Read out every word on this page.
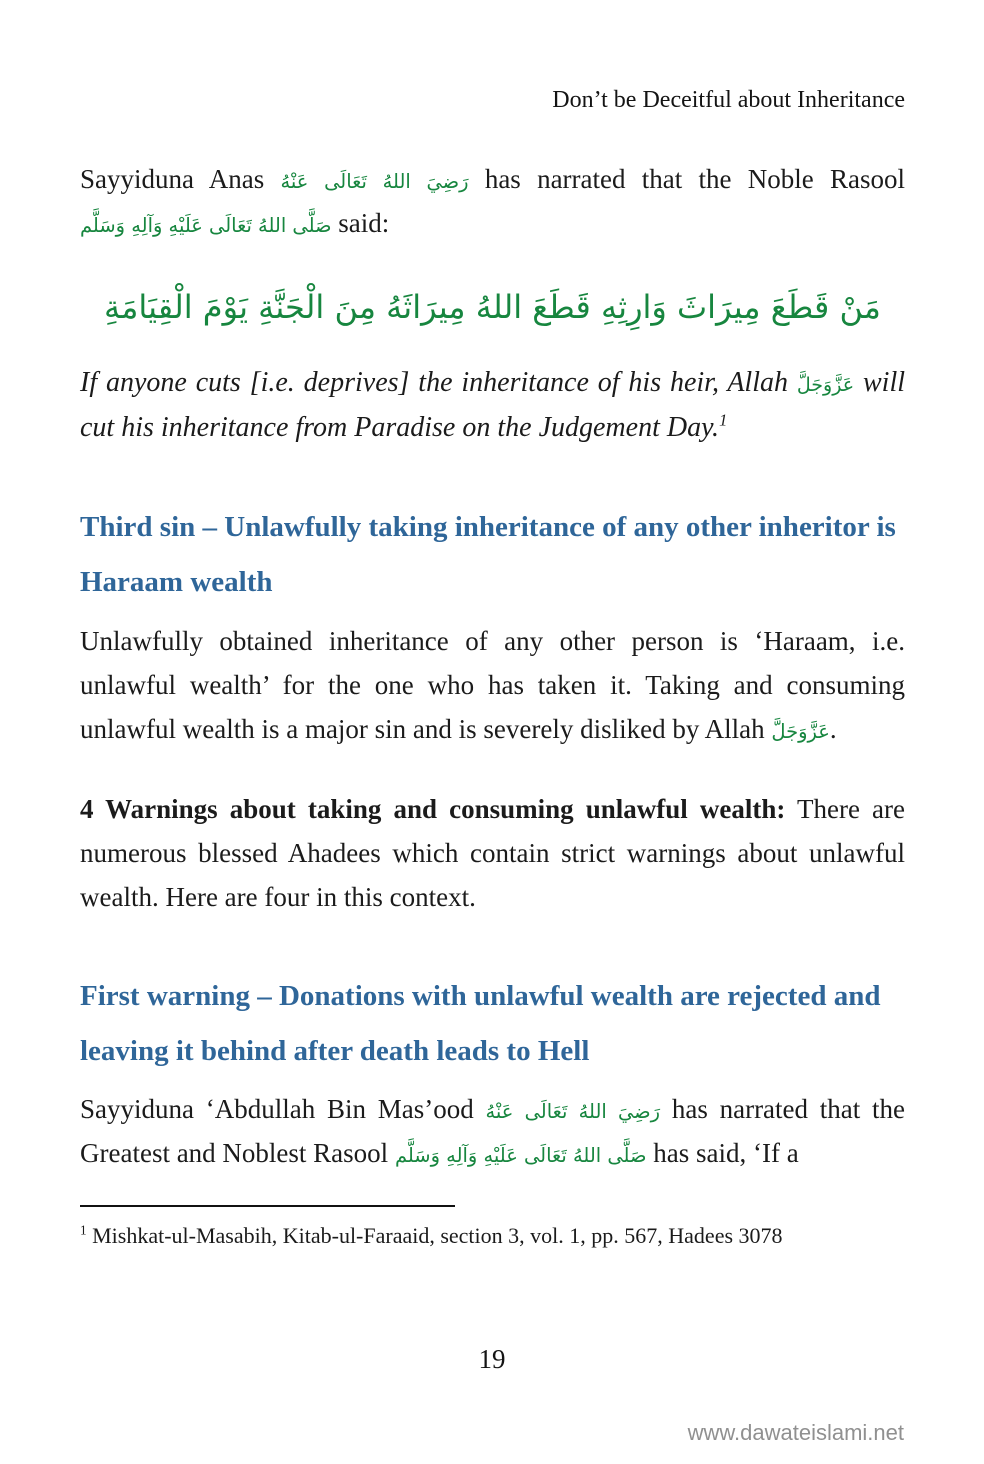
Don’t be Deceitful about Inheritance

Sayyiduna Anas رَضِيَ اللهُ تَعَالَى عَنْهُ has narrated that the Noble Rasool صَلَّى اللهُ تَعَالَى عَلَيْهِ وَآلِهِ وَسَلَّم said:

مَنْ قَطَعَ مِيرَاثَ وَارِثِهِ قَطَعَ اللهُ مِيرَاثَهُ مِنَ الْجَنَّةِ يَوْمَ الْقِيَامَةِ

If anyone cuts [i.e. deprives] the inheritance of his heir, Allah عَزَّوَجَلَّ will cut his inheritance from Paradise on the Judgement Day.$^1$

Third sin – Unlawfully taking inheritance of any other inheritor is Haraam wealth

Unlawfully obtained inheritance of any other person is ‘Haraam, i.e. unlawful wealth’ for the one who has taken it. Taking and consuming unlawful wealth is a major sin and is severely disliked by Allah عَزَّوَجَلَّ.

4 Warnings about taking and consuming unlawful wealth: There are numerous blessed Ahadees which contain strict warnings about unlawful wealth. Here are four in this context.

First warning – Donations with unlawful wealth are rejected and leaving it behind after death leads to Hell

Sayyiduna ‘Abdullah Bin Mas’ood رَضِيَ اللهُ تَعَالَى عَنْهُ has narrated that the Greatest and Noblest Rasool صَلَّى اللهُ تَعَالَى عَلَيْهِ وَآلِهِ وَسَلَّم has said, ‘If a

$^1$ Mishkat-ul-Masabih, Kitab-ul-Faraaid, section 3, vol. 1, pp. 567, Hadees 3078

19
www.dawateislami.net
